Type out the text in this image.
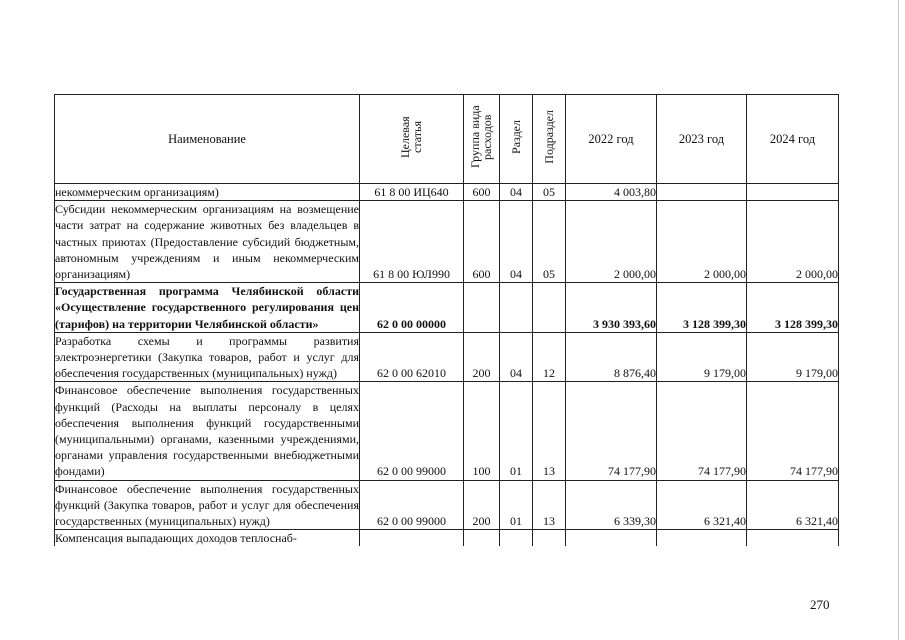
Наименование	Целевая статья	Группа вида расходов	Раздел	Подраздел	2022 год	2023 год	2024 год
некоммерческим организациям)	61 8 00 ИЦ640	600	04	05	4 003,80		
Субсидии некоммерческим организациям на возмещение части затрат на содержание животных без владельцев в частных приютах (Предоставление субсидий бюджетным, автономным учреждениям и иным некоммерческим организациям)	61 8 00 ЮЛ990	600	04	05	2 000,00	2 000,00	2 000,00
Государственная программа Челябинской области «Осуществление государственного регулирования цен (тарифов) на территории Челябинской области»	62 0 00 00000				3 930 393,60	3 128 399,30	3 128 399,30
Разработка схемы и программы развития электроэнергетики (Закупка товаров, работ и услуг для обеспечения государственных (муниципальных) нужд)	62 0 00 62010	200	04	12	8 876,40	9 179,00	9 179,00
Финансовое обеспечение выполнения государственных функций (Расходы на выплаты персоналу в целях обеспечения выполнения функций государственными (муниципальными) органами, казенными учреждениями, органами управления государственными внебюджетными фондами)	62 0 00 99000	100	01	13	74 177,90	74 177,90	74 177,90
Финансовое обеспечение выполнения государственных функций (Закупка товаров, работ и услуг для обеспечения государственных (муниципальных) нужд)	62 0 00 99000	200	01	13	6 339,30	6 321,40	6 321,40
Компенсация выпадающих доходов теплоснаб-							
270
